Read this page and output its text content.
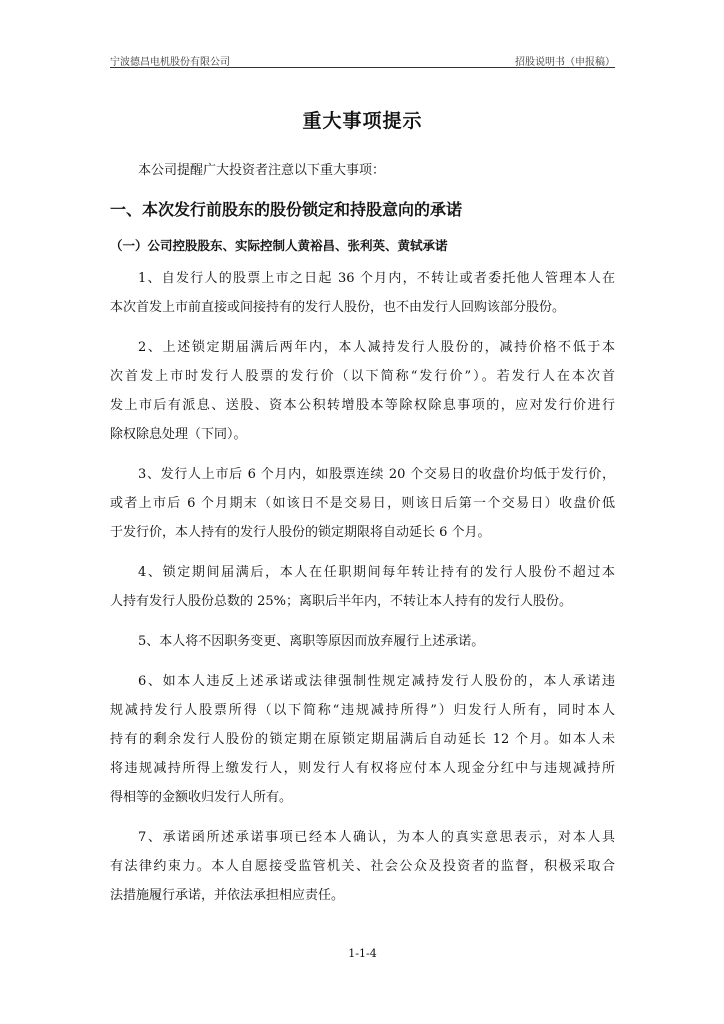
宁波德昌电机股份有限公司	招股说明书（申报稿）
重大事项提示
本公司提醒广大投资者注意以下重大事项：
一、本次发行前股东的股份锁定和持股意向的承诺
（一）公司控股股东、实际控制人黄裕昌、张利英、黄轼承诺
1、自发行人的股票上市之日起 36 个月内，不转让或者委托他人管理本人在
本次首发上市前直接或间接持有的发行人股份，也不由发行人回购该部分股份。
2、上述锁定期届满后两年内，本人减持发行人股份的，减持价格不低于本
次首发上市时发行人股票的发行价（以下简称“发行价”）。若发行人在本次首
发上市后有派息、送股、资本公积转增股本等除权除息事项的，应对发行价进行
除权除息处理（下同）。
3、发行人上市后 6 个月内，如股票连续 20 个交易日的收盘价均低于发行价，
或者上市后 6 个月期末（如该日不是交易日，则该日后第一个交易日）收盘价低
于发行价，本人持有的发行人股份的锁定期限将自动延长 6 个月。
4、锁定期间届满后，本人在任职期间每年转让持有的发行人股份不超过本
人持有发行人股份总数的 25%；离职后半年内，不转让本人持有的发行人股份。
5、本人将不因职务变更、离职等原因而放弃履行上述承诺。
6、如本人违反上述承诺或法律强制性规定减持发行人股份的，本人承诺违
规减持发行人股票所得（以下简称“违规减持所得”）归发行人所有，同时本人
持有的剩余发行人股份的锁定期在原锁定期届满后自动延长 12 个月。如本人未
将违规减持所得上缴发行人，则发行人有权将应付本人现金分红中与违规减持所
得相等的金额收归发行人所有。
7、承诺函所述承诺事项已经本人确认，为本人的真实意思表示，对本人具
有法律约束力。本人自愿接受监管机关、社会公众及投资者的监督，积极采取合
法措施履行承诺，并依法承担相应责任。
1-1-4
